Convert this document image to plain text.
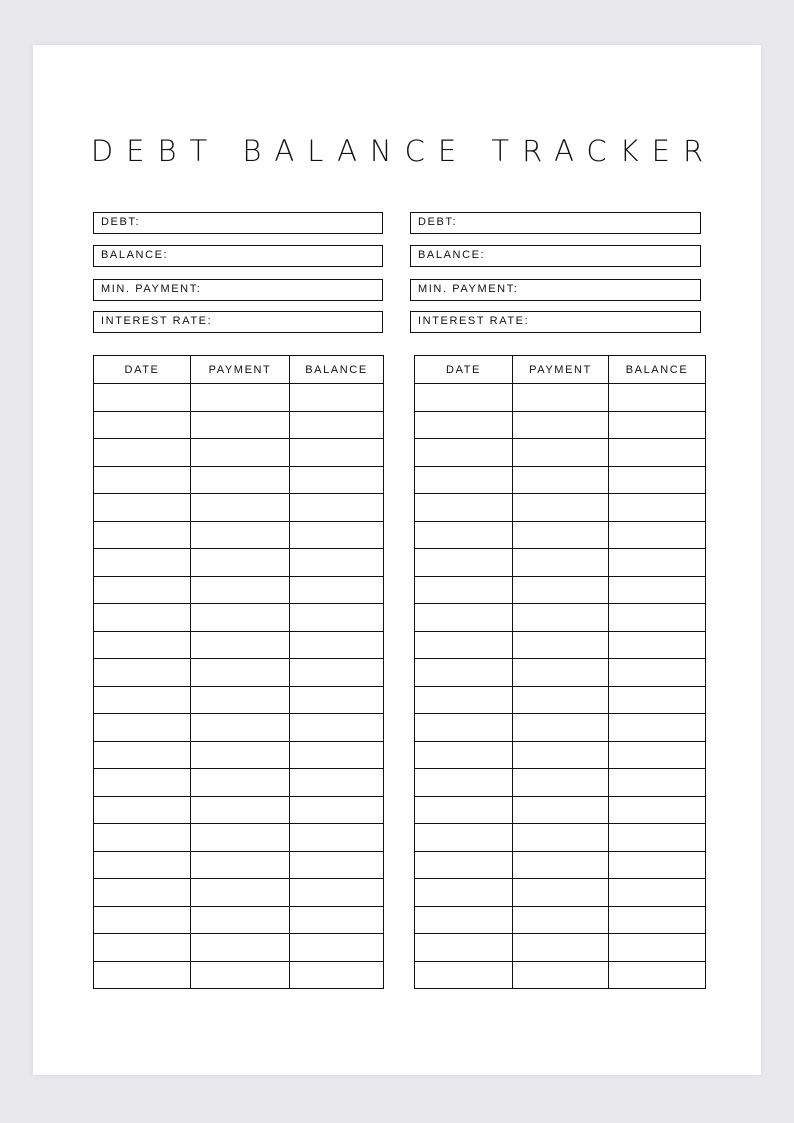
DEBT BALANCE TRACKER
DEBT:
BALANCE:
MIN. PAYMENT:
INTEREST RATE:
DEBT:
BALANCE:
MIN. PAYMENT:
INTEREST RATE:
DATE	PAYMENT	BALANCE

			DATE	PAYMENT	BALANCE
